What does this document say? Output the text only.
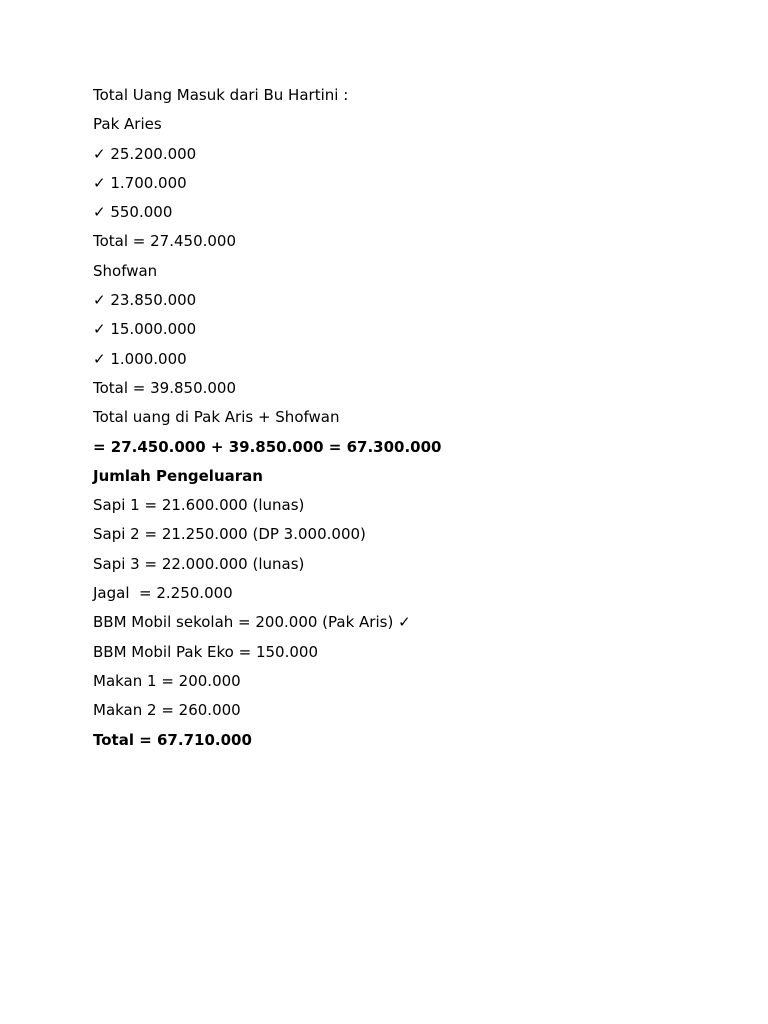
Total Uang Masuk dari Bu Hartini :
Pak Aries
✓ 25.200.000
✓ 1.700.000
✓ 550.000
Total = 27.450.000
Shofwan
✓ 23.850.000
✓ 15.000.000
✓ 1.000.000
Total = 39.850.000
Total uang di Pak Aris + Shofwan
= 27.450.000 + 39.850.000 = 67.300.000
Jumlah Pengeluaran
Sapi 1 = 21.600.000 (lunas)
Sapi 2 = 21.250.000 (DP 3.000.000)
Sapi 3 = 22.000.000 (lunas)
Jagal  = 2.250.000
BBM Mobil sekolah = 200.000 (Pak Aris) ✓
BBM Mobil Pak Eko = 150.000
Makan 1 = 200.000
Makan 2 = 260.000
Total = 67.710.000
